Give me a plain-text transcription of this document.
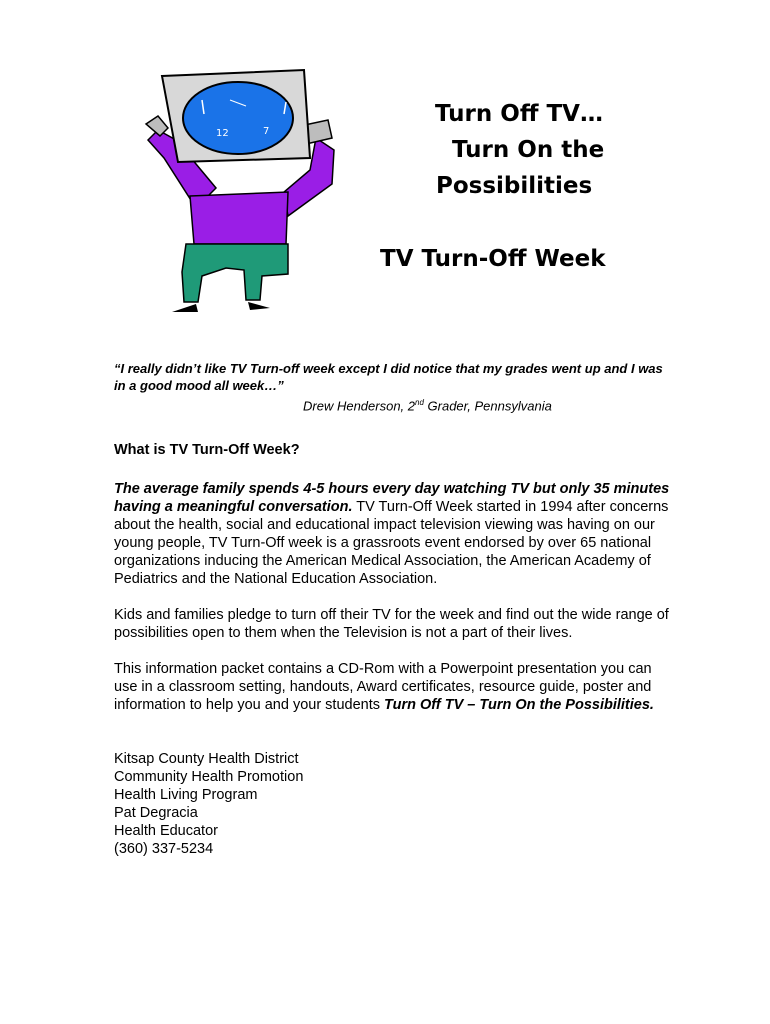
12	7
Turn Off TV…
Turn On the
Possibilities
TV Turn-Off Week

“I really didn’t like TV Turn-off week except I did notice that my grades went up and I was in a good mood all week…”

Drew Henderson, 2nd Grader, Pennsylvania

What is TV Turn-Off Week?

The average family spends 4-5 hours every day watching TV but only 35 minutes having a meaningful conversation. TV Turn-Off Week started in 1994 after concerns about the health, social and educational impact television viewing was having on our young people, TV Turn-Off week is a grassroots event endorsed by over 65 national organizations inducing the American Medical Association, the American Academy of Pediatrics and the National Education Association.

Kids and families pledge to turn off their TV for the week and find out the wide range of possibilities open to them when the Television is not a part of their lives.

This information packet contains a CD-Rom with a Powerpoint presentation you can use in a classroom setting, handouts, Award certificates, resource guide, poster and information to help you and your students Turn Off TV – Turn On the Possibilities.

Kitsap County Health District
Community Health Promotion
Health Living Program
Pat Degracia
Health Educator
(360) 337-5234
